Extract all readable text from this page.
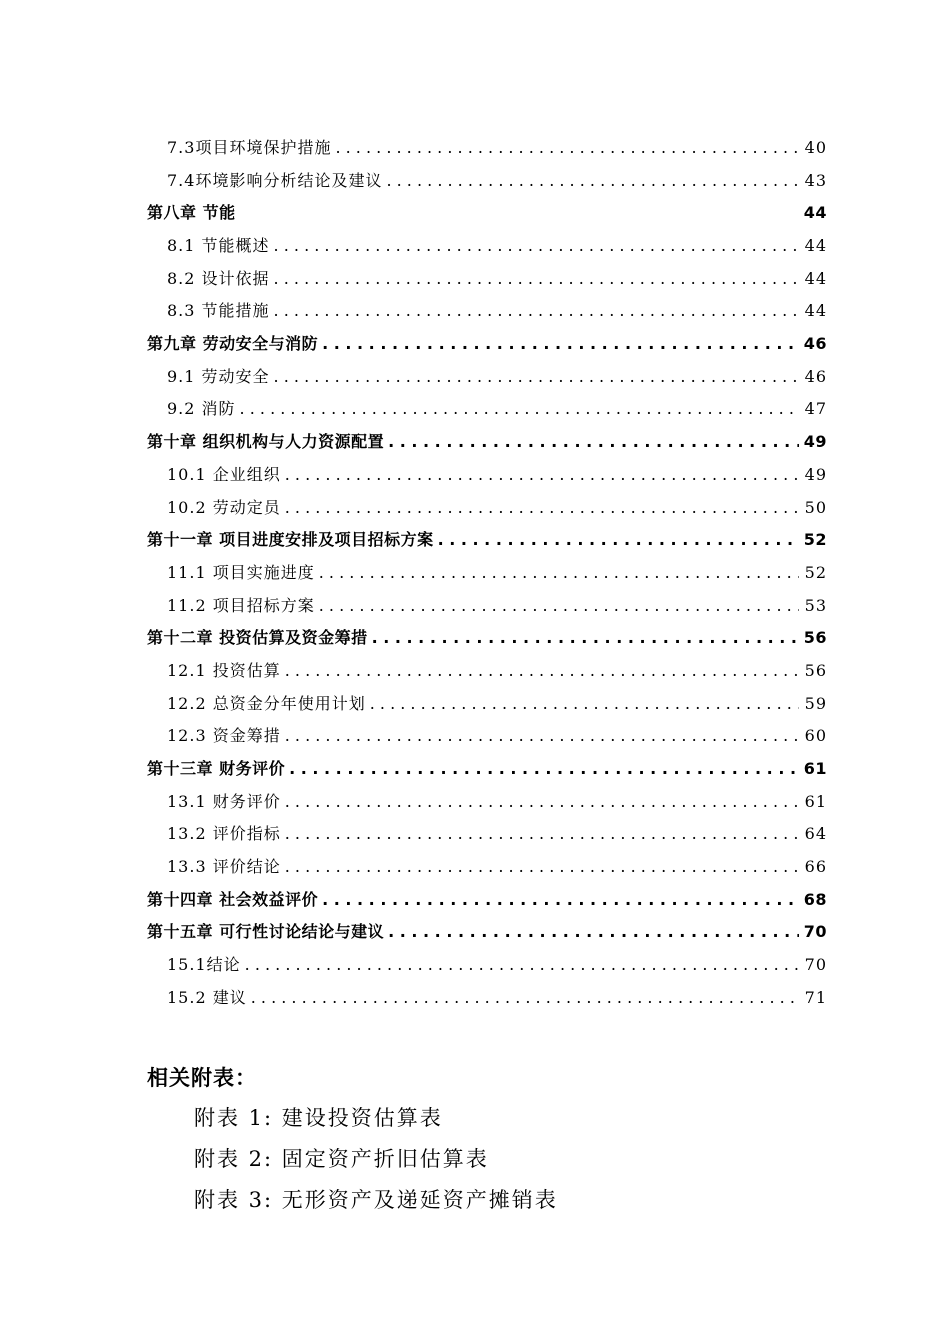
7.3项目环境保护措施 . . .	40
7.4环境影响分析结论及建议 . . .	43
第八章 节能	44
8.1 节能概述 . . .	44
8.2 设计依据 . . .	44
8.3 节能措施 . . .	44
第九章 劳动安全与消防 . . .	46
9.1 劳动安全 . . .	46
9.2 消防 . . .	47
第十章 组织机构与人力资源配置 . . .	49
10.1 企业组织 . . .	49
10.2 劳动定员 . . .	50
第十一章 项目进度安排及项目招标方案 . . .	52
11.1 项目实施进度 . . .	52
11.2 项目招标方案 . . .	53
第十二章 投资估算及资金筹措 . . .	56
12.1 投资估算 . . .	56
12.2 总资金分年使用计划 . . .	59
12.3 资金筹措 . . .	60
第十三章 财务评价 . . .	61
13.1 财务评价 . . .	61
13.2 评价指标 . . .	64
13.3 评价结论 . . .	66
第十四章 社会效益评价 . . .	68
第十五章 可行性讨论结论与建议 . . .	70
15.1结论 . . .	70
15.2 建议 . . .	71
相关附表：
附表 1: 建设投资估算表
附表 2: 固定资产折旧估算表
附表 3: 无形资产及递延资产摊销表
